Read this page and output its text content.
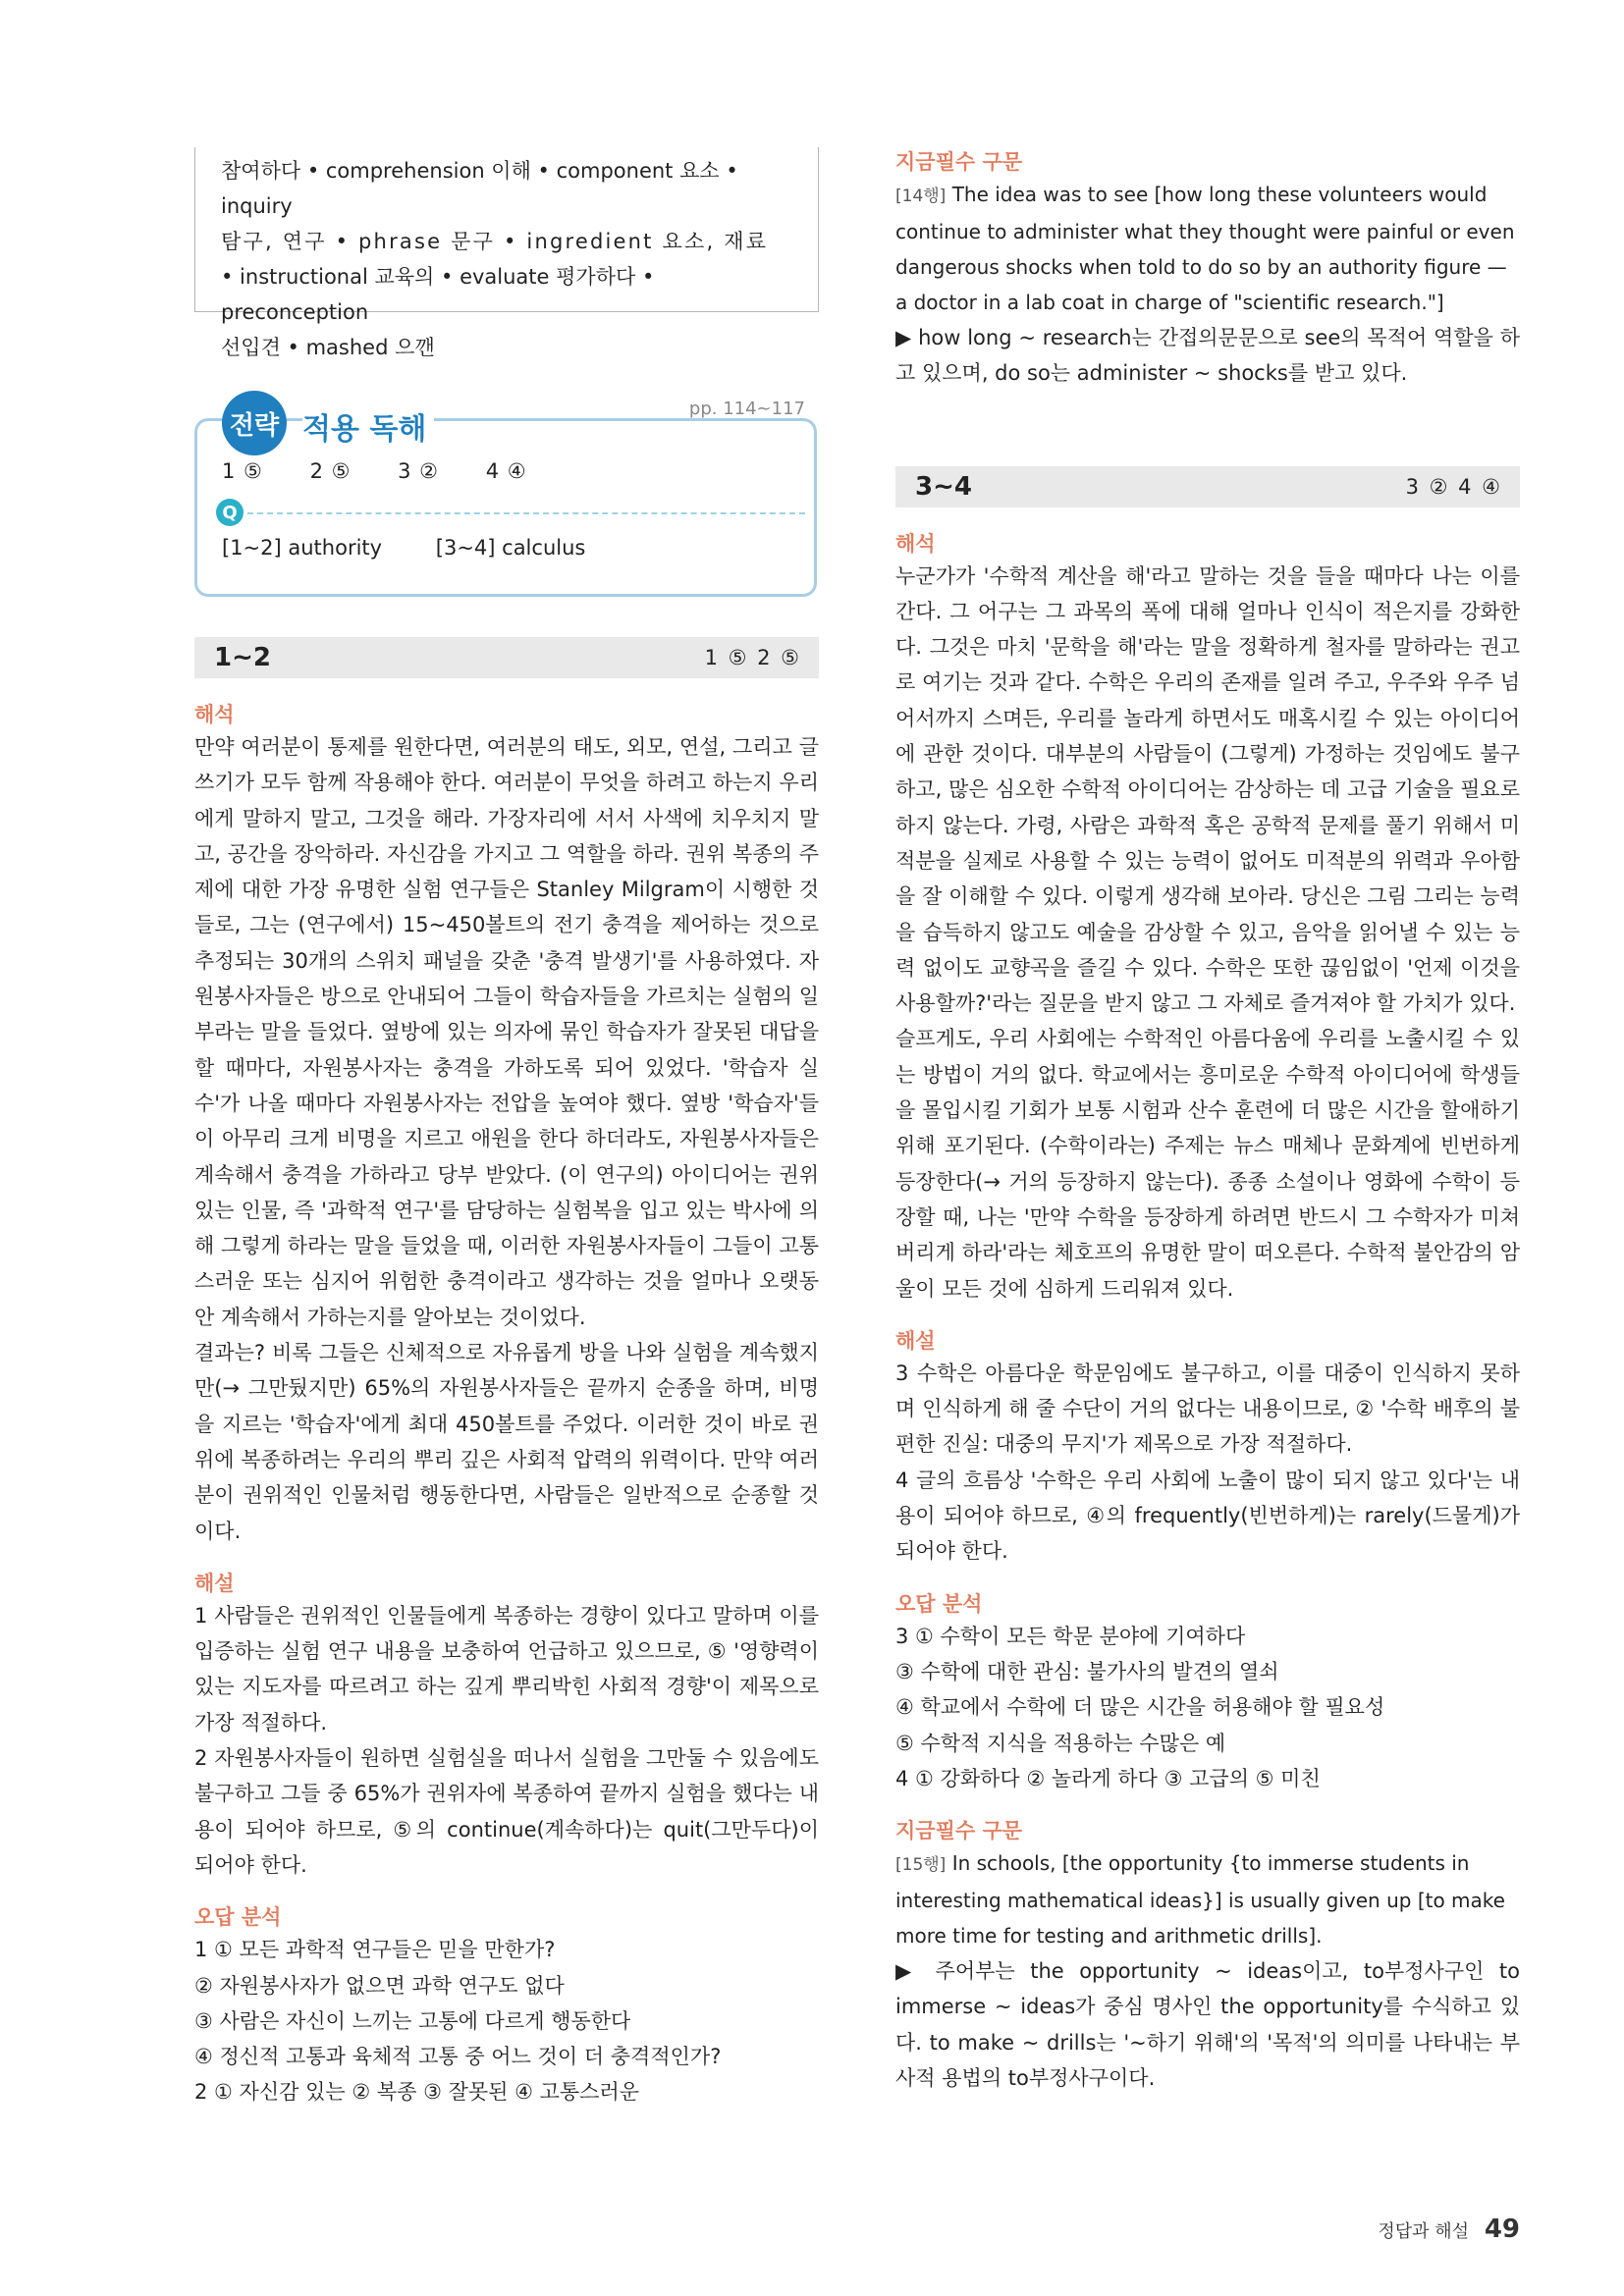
참여하다 • comprehension 이해 • component 요소 • inquiry

탐구, 연구 • phrase 문구 • ingredient 요소, 재료

• instructional 교육의 • evaluate 평가하다 • preconception

선입견 • mashed 으깬

전략 적용 독해
pp. 114~117
1 ⑤ 2 ⑤ 3 ② 4 ④
Q
[1~2] authority	[3~4] calculus
1~2	1 ⑤ 2 ⑤
해석

만약 여러분이 통제를 원한다면, 여러분의 태도, 외모, 연설, 그리고 글쓰기가 모두 함께 작용해야 한다. 여러분이 무엇을 하려고 하는지 우리에게 말하지 말고, 그것을 해라. 가장자리에 서서 사색에 치우치지 말고, 공간을 장악하라. 자신감을 가지고 그 역할을 하라. 권위 복종의 주제에 대한 가장 유명한 실험 연구들은 Stanley Milgram이 시행한 것들로, 그는 (연구에서) 15~450볼트의 전기 충격을 제어하는 것으로 추정되는 30개의 스위치 패널을 갖춘 '충격 발생기'를 사용하였다. 자원봉사자들은 방으로 안내되어 그들이 학습자들을 가르치는 실험의 일부라는 말을 들었다. 옆방에 있는 의자에 묶인 학습자가 잘못된 대답을 할 때마다, 자원봉사자는 충격을 가하도록 되어 있었다. '학습자 실수'가 나올 때마다 자원봉사자는 전압을 높여야 했다. 옆방 '학습자'들이 아무리 크게 비명을 지르고 애원을 한다 하더라도, 자원봉사자들은 계속해서 충격을 가하라고 당부 받았다. (이 연구의) 아이디어는 권위 있는 인물, 즉 '과학적 연구'를 담당하는 실험복을 입고 있는 박사에 의해 그렇게 하라는 말을 들었을 때, 이러한 자원봉사자들이 그들이 고통스러운 또는 심지어 위험한 충격이라고 생각하는 것을 얼마나 오랫동안 계속해서 가하는지를 알아보는 것이었다.

결과는? 비록 그들은 신체적으로 자유롭게 방을 나와 실험을 계속했지만(→ 그만뒀지만) 65%의 자원봉사자들은 끝까지 순종을 하며, 비명을 지르는 '학습자'에게 최대 450볼트를 주었다. 이러한 것이 바로 권위에 복종하려는 우리의 뿌리 깊은 사회적 압력의 위력이다. 만약 여러분이 권위적인 인물처럼 행동한다면, 사람들은 일반적으로 순종할 것이다.

해설

1 사람들은 권위적인 인물들에게 복종하는 경향이 있다고 말하며 이를 입증하는 실험 연구 내용을 보충하여 언급하고 있으므로, ⑤ '영향력이 있는 지도자를 따르려고 하는 깊게 뿌리박힌 사회적 경향'이 제목으로 가장 적절하다.

2 자원봉사자들이 원하면 실험실을 떠나서 실험을 그만둘 수 있음에도 불구하고 그들 중 65%가 권위자에 복종하여 끝까지 실험을 했다는 내용이 되어야 하므로, ⑤의 continue(계속하다)는 quit(그만두다)이 되어야 한다.

오답 분석

1 ① 모든 과학적 연구들은 믿을 만한가?

② 자원봉사자가 없으면 과학 연구도 없다

③ 사람은 자신이 느끼는 고통에 다르게 행동한다

④ 정신적 고통과 육체적 고통 중 어느 것이 더 충격적인가?

2 ① 자신감 있는 ② 복종 ③ 잘못된 ④ 고통스러운

지금필수 구문

[14행] The idea was to see [how long these volunteers would continue to administer what they thought were painful or even dangerous shocks when told to do so by an authority figure — a doctor in a lab coat in charge of "scientific research."]

▶ how long ~ research는 간접의문문으로 see의 목적어 역할을 하고 있으며, do so는 administer ~ shocks를 받고 있다.

3~4	3 ② 4 ④
해석

누군가가 '수학적 계산을 해'라고 말하는 것을 들을 때마다 나는 이를 간다. 그 어구는 그 과목의 폭에 대해 얼마나 인식이 적은지를 강화한다. 그것은 마치 '문학을 해'라는 말을 정확하게 철자를 말하라는 권고로 여기는 것과 같다. 수학은 우리의 존재를 일려 주고, 우주와 우주 넘어서까지 스며든, 우리를 놀라게 하면서도 매혹시킬 수 있는 아이디어에 관한 것이다. 대부분의 사람들이 (그렇게) 가정하는 것임에도 불구하고, 많은 심오한 수학적 아이디어는 감상하는 데 고급 기술을 필요로 하지 않는다. 가령, 사람은 과학적 혹은 공학적 문제를 풀기 위해서 미적분을 실제로 사용할 수 있는 능력이 없어도 미적분의 위력과 우아함을 잘 이해할 수 있다. 이렇게 생각해 보아라. 당신은 그림 그리는 능력을 습득하지 않고도 예술을 감상할 수 있고, 음악을 읽어낼 수 있는 능력 없이도 교향곡을 즐길 수 있다. 수학은 또한 끊임없이 '언제 이것을 사용할까?'라는 질문을 받지 않고 그 자체로 즐겨져야 할 가치가 있다.

슬프게도, 우리 사회에는 수학적인 아름다움에 우리를 노출시킬 수 있는 방법이 거의 없다. 학교에서는 흥미로운 수학적 아이디어에 학생들을 몰입시킬 기회가 보통 시험과 산수 훈련에 더 많은 시간을 할애하기 위해 포기된다. (수학이라는) 주제는 뉴스 매체나 문화계에 빈번하게 등장한다(→ 거의 등장하지 않는다). 종종 소설이나 영화에 수학이 등장할 때, 나는 '만약 수학을 등장하게 하려면 반드시 그 수학자가 미쳐버리게 하라'라는 체호프의 유명한 말이 떠오른다. 수학적 불안감의 암울이 모든 것에 심하게 드리워져 있다.

해설

3 수학은 아름다운 학문임에도 불구하고, 이를 대중이 인식하지 못하며 인식하게 해 줄 수단이 거의 없다는 내용이므로, ② '수학 배후의 불편한 진실: 대중의 무지'가 제목으로 가장 적절하다.

4 글의 흐름상 '수학은 우리 사회에 노출이 많이 되지 않고 있다'는 내용이 되어야 하므로, ④의 frequently(빈번하게)는 rarely(드물게)가 되어야 한다.

오답 분석

3 ① 수학이 모든 학문 분야에 기여하다

③ 수학에 대한 관심: 불가사의 발견의 열쇠

④ 학교에서 수학에 더 많은 시간을 허용해야 할 필요성

⑤ 수학적 지식을 적용하는 수많은 예

4 ① 강화하다 ② 놀라게 하다 ③ 고급의 ⑤ 미친

지금필수 구문

[15행] In schools, [the opportunity {to immerse students in interesting mathematical ideas}] is usually given up [to make more time for testing and arithmetic drills].

▶ 주어부는 the opportunity ~ ideas이고, to부정사구인 to immerse ~ ideas가 중심 명사인 the opportunity를 수식하고 있다. to make ~ drills는 '~하기 위해'의 '목적'의 의미를 나타내는 부사적 용법의 to부정사구이다.

정답과 해설 49
